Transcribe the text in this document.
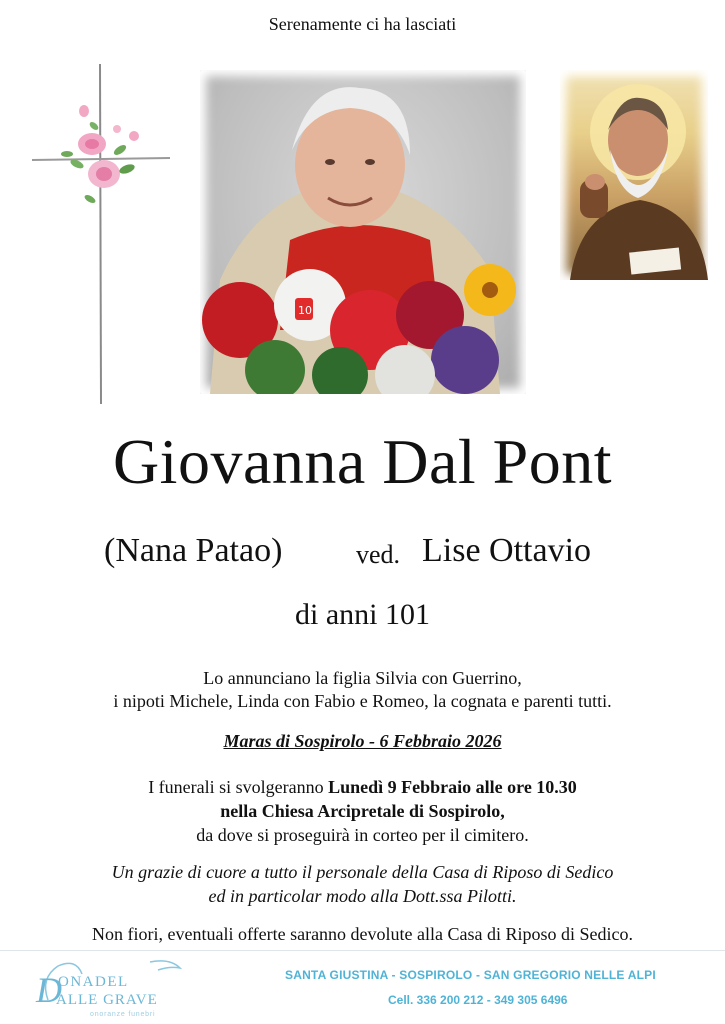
Serenamente ci ha lasciati
10
Giovanna Dal Pont
(Nana Patao)	ved. Lise Ottavio
di anni 101
Lo annunciano la figlia Silvia con Guerrino,
i nipoti Michele, Linda con Fabio e Romeo, la cognata e parenti tutti.
Maras di Sospirolo - 6 Febbraio 2026
I funerali si svolgeranno Lunedì 9 Febbraio alle ore 10.30
nella Chiesa Arcipretale di Sospirolo,
da dove si proseguirà in corteo per il cimitero.
Un grazie di cuore a tutto il personale della Casa di Riposo di Sedico
ed in particolar modo alla Dott.ssa Pilotti.
Non fiori, eventuali offerte saranno devolute alla Casa di Riposo di Sedico.
ONADEL
ALLE GRAVE
onoranze funebri
D	SANTA GIUSTINA - SOSPIROLO - SAN GREGORIO NELLE ALPI
Cell. 336 200 212 - 349 305 6496
